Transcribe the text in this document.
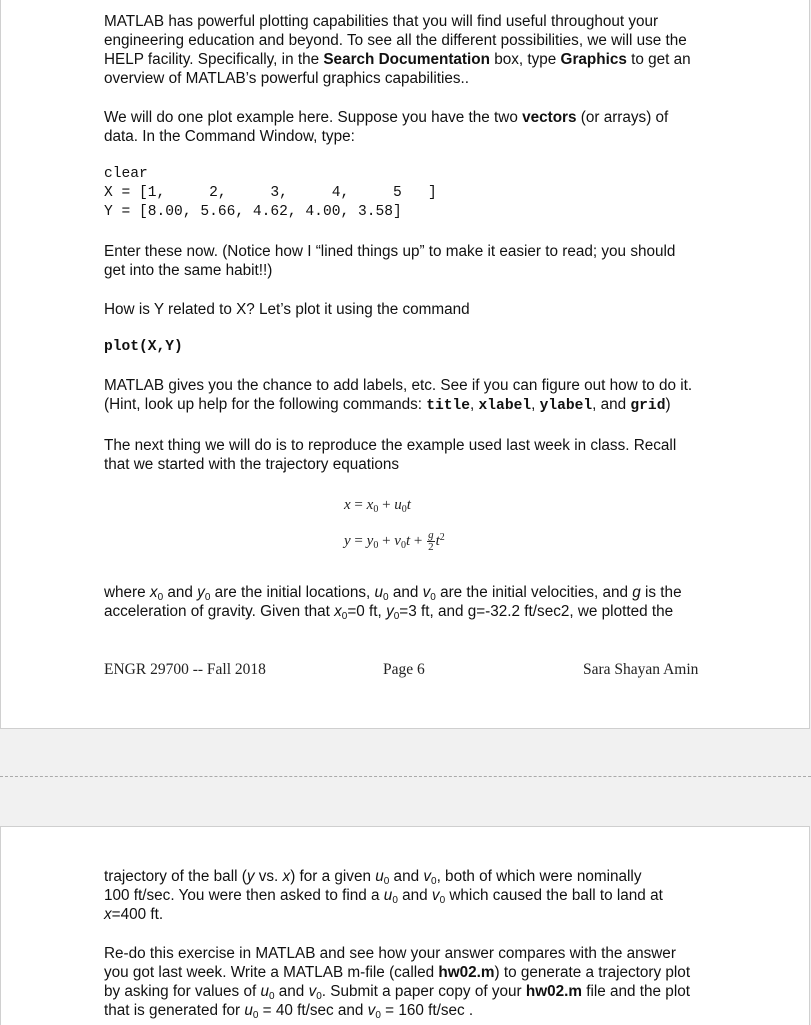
MATLAB has powerful plotting capabilities that you will find useful throughout your
engineering education and beyond. To see all the different possibilities, we will use the
HELP facility. Specifically, in the Search Documentation box, type Graphics to get an
overview of MATLAB’s powerful graphics capabilities..

We will do one plot example here. Suppose you have the two vectors (or arrays) of
data. In the Command Window, type:

clear
X = [1,     2,     3,     4,     5   ]
Y = [8.00, 5.66, 4.62, 4.00, 3.58]

Enter these now. (Notice how I “lined things up” to make it easier to read; you should
get into the same habit!!)

How is Y related to X? Let’s plot it using the command

plot(X,Y)

MATLAB gives you the chance to add labels, etc. See if you can figure out how to do it.
(Hint, look up help for the following commands: title, xlabel, ylabel, and grid)

The next thing we will do is to reproduce the example used last week in class. Recall
that we started with the trajectory equations

$x = x_0 + u_0t$
$y = y_0 + v_0t + \frac{g}{2} t^2$

where $x_0$ and $y_0$ are the initial locations, $u_0$ and $v_0$ are the initial velocities, and g is the
acceleration of gravity. Given that $x_0=0$ ft, $y_0=3$ ft, and g=-32.2 ft/sec2, we plotted the

ENGR 29700 -- Fall 2018	Page 6	Sara Shayan Amin

trajectory of the ball (y vs. x) for a given $u_0$ and $v_0$, both of which were nominally
100 ft/sec. You were then asked to find a $u_0$ and $v_0$ which caused the ball to land at
x=400 ft.

Re-do this exercise in MATLAB and see how your answer compares with the answer
you got last week. Write a MATLAB m-file (called hw02.m) to generate a trajectory plot
by asking for values of $u_0$ and $v_0$. Submit a paper copy of your hw02.m file and the plot
that is generated for $u_0 = 40$ ft/sec and $v_0 = 160$ ft/sec .
